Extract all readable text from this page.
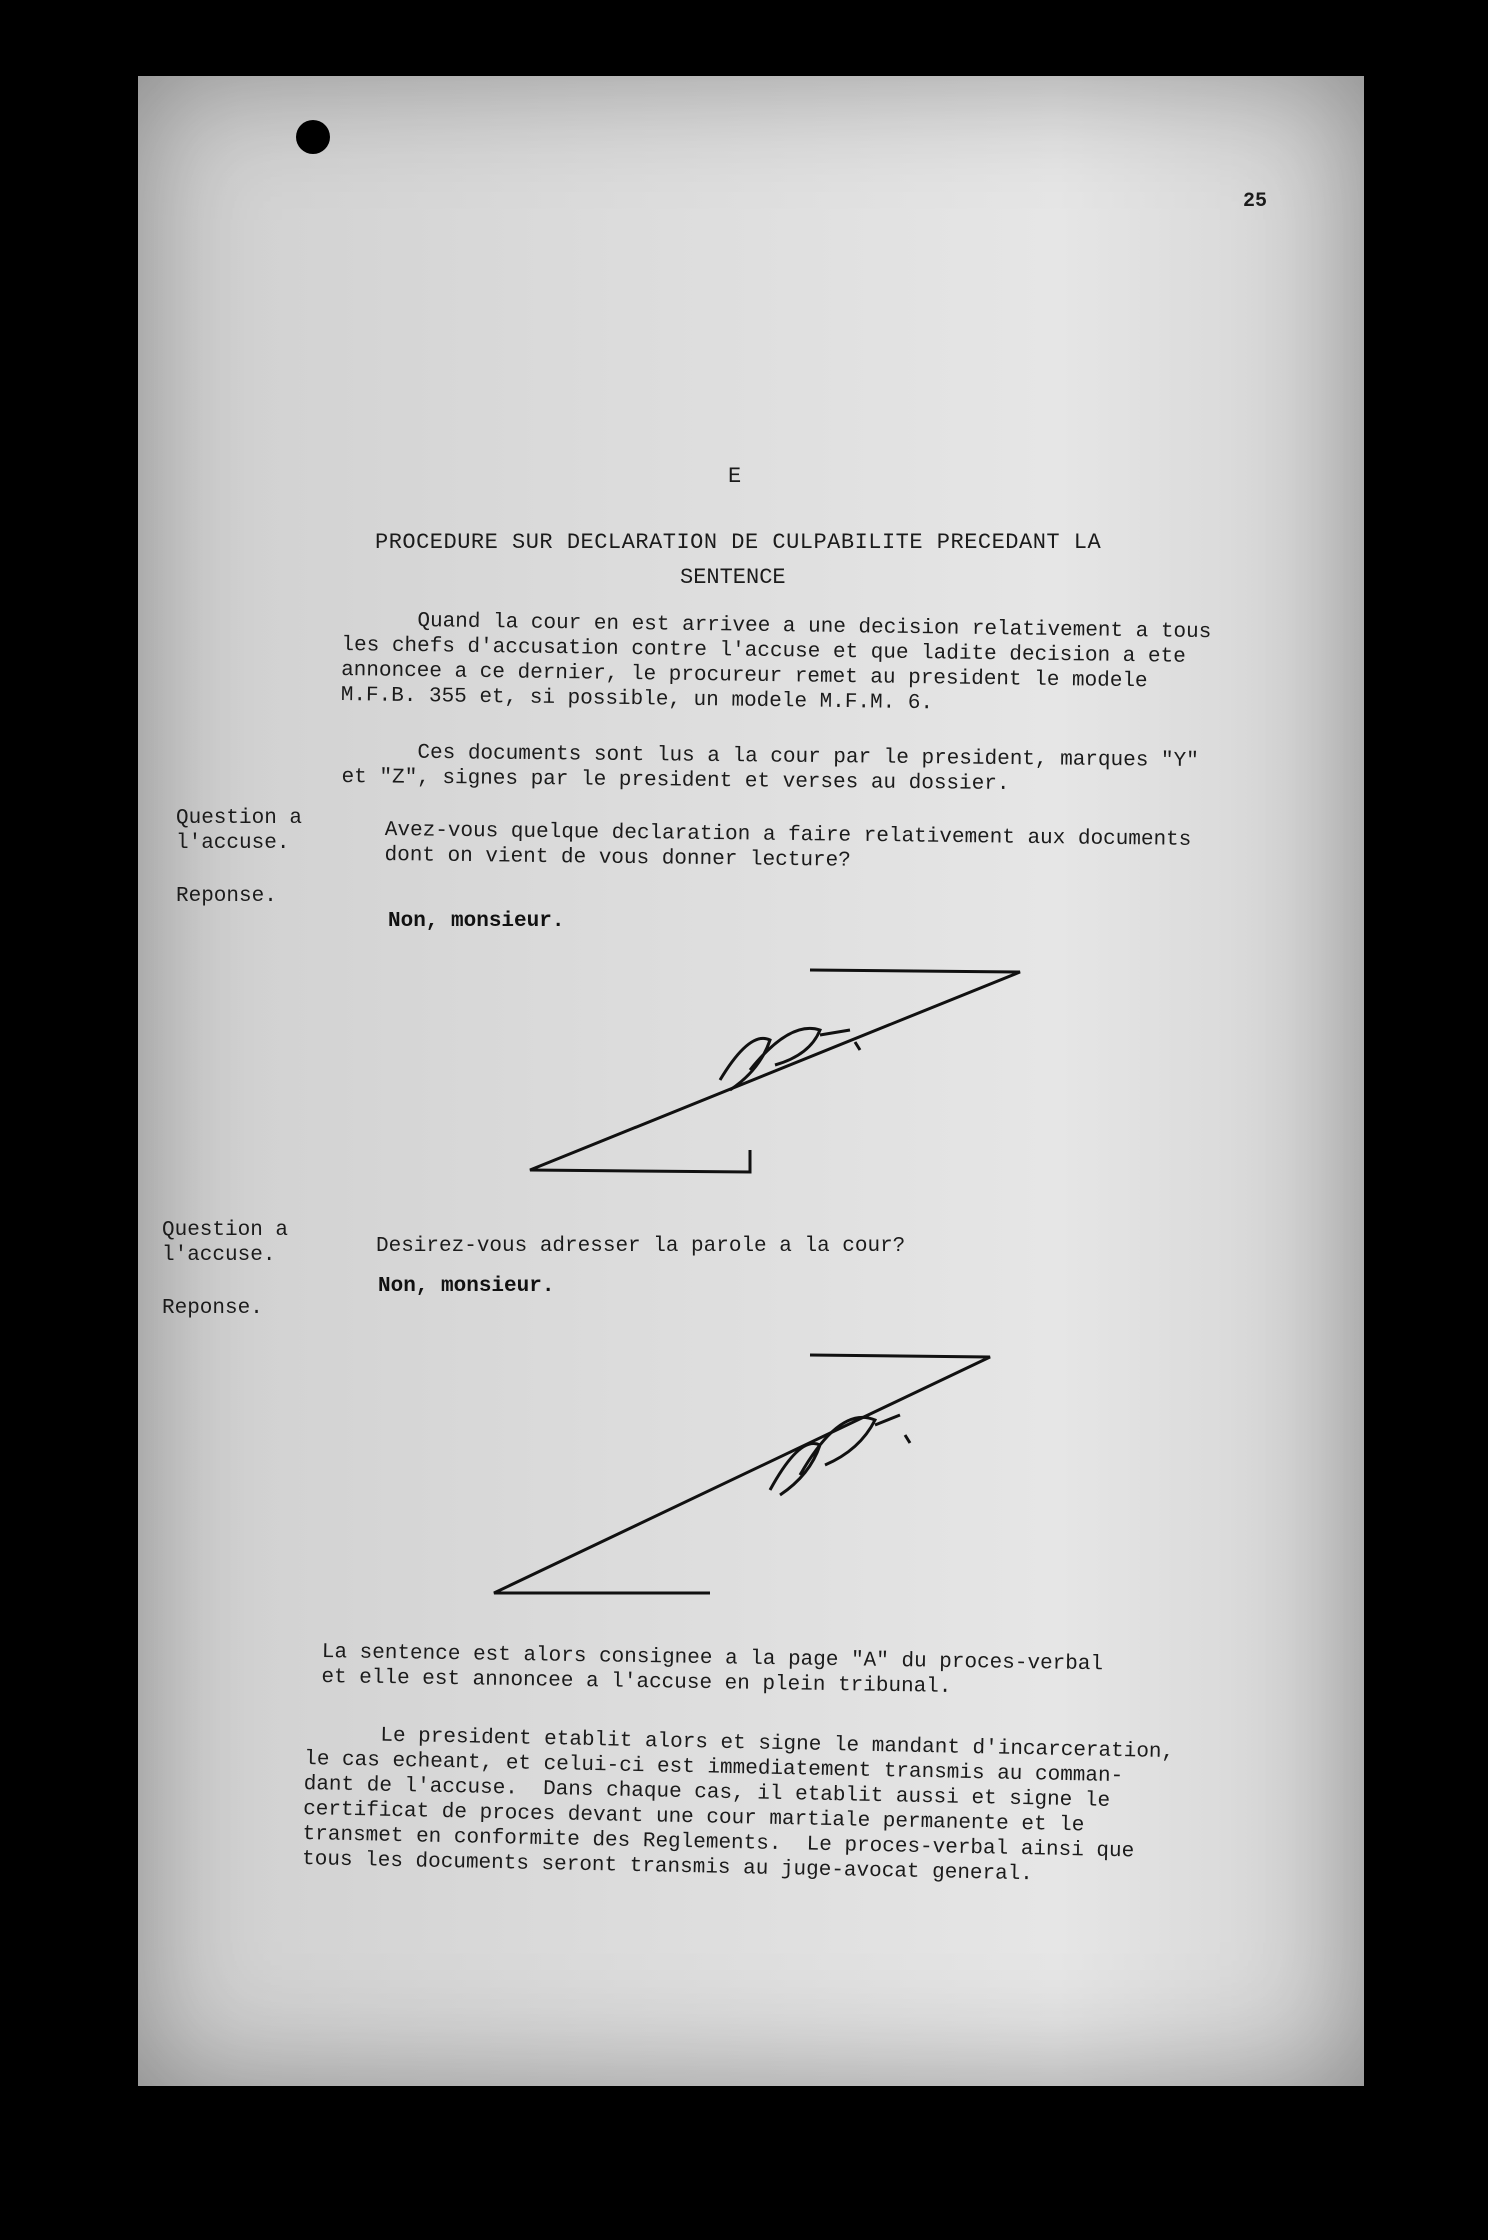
25
E
PROCEDURE SUR DECLARATION DE CULPABILITE PRECEDANT LA
SENTENCE
Quand la cour en est arrivee a une decision relativement a tous
les chefs d'accusation contre l'accuse et que ladite decision a ete
annoncee a ce dernier, le procureur remet au president le modele
M.F.B. 355 et, si possible, un modele M.F.M. 6.
Ces documents sont lus a la cour par le president, marques "Y"
et "Z", signes par le president et verses au dossier.
Question a
l'accuse.	Avez-vous quelque declaration a faire relativement aux documents
dont on vient de vous donner lecture?
Reponse.
Non, monsieur.
Question a
l'accuse.	Desirez-vous adresser la parole a la cour?
Reponse.
Non, monsieur.
La sentence est alors consignee a la page "A" du proces-verbal
et elle est annoncee a l'accuse en plein tribunal.
Le president etablit alors et signe le mandant d'incarceration,
le cas echeant, et celui-ci est immediatement transmis au comman-
dant de l'accuse.  Dans chaque cas, il etablit aussi et signe le
certificat de proces devant une cour martiale permanente et le
transmet en conformite des Reglements.  Le proces-verbal ainsi que
tous les documents seront transmis au juge-avocat general.
